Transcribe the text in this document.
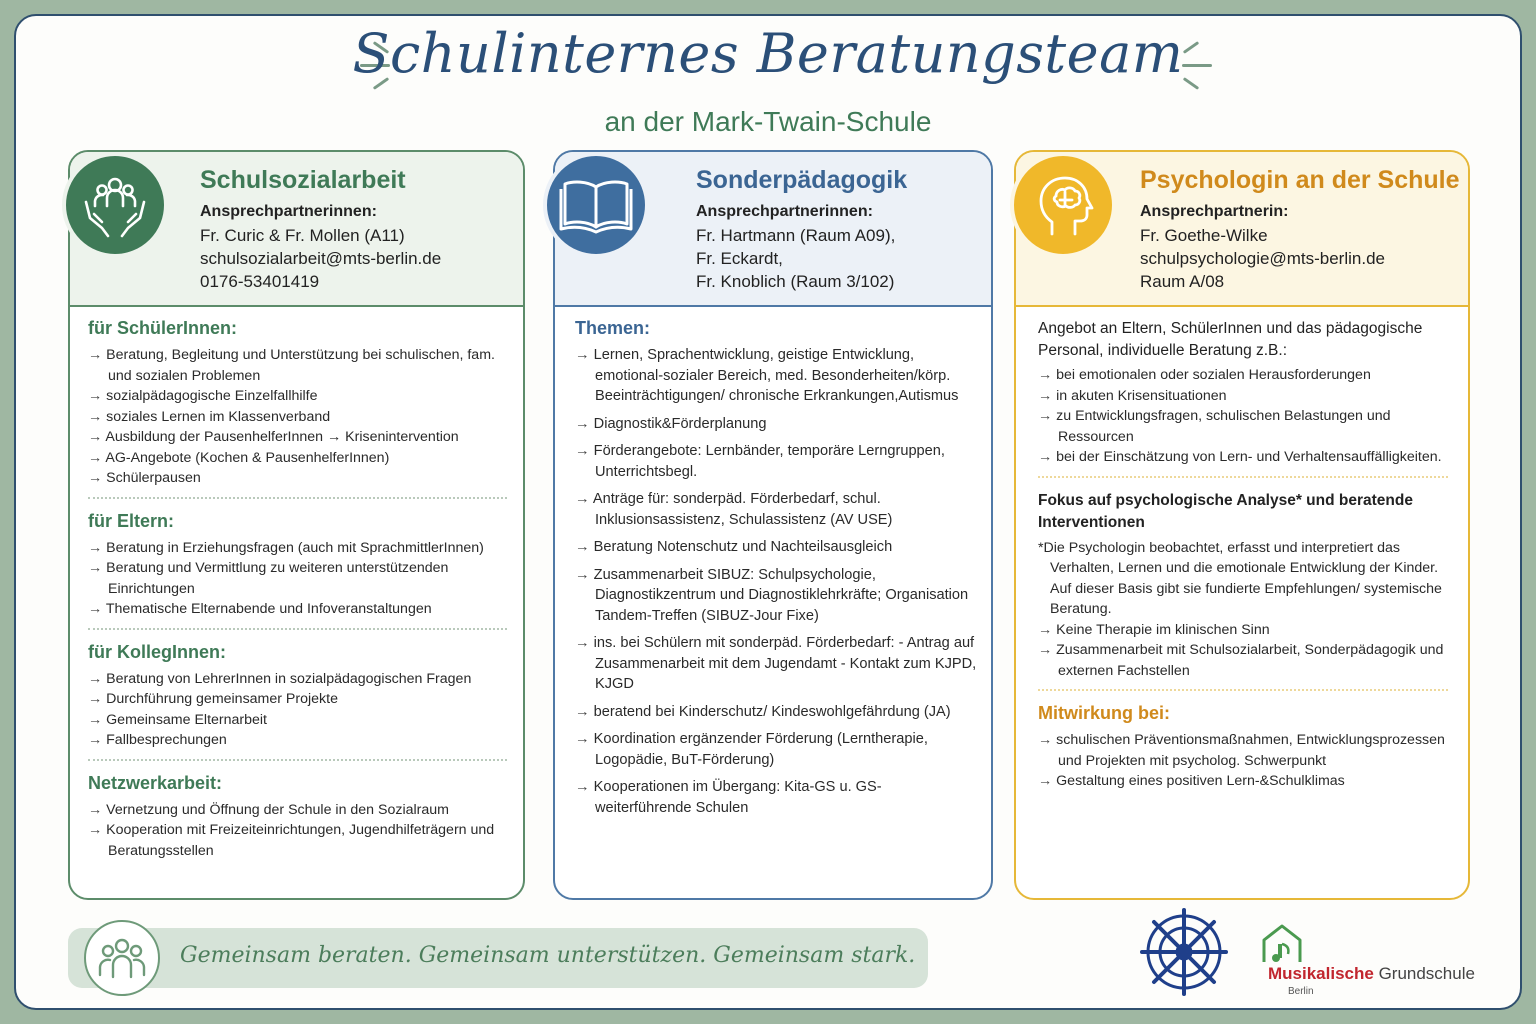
Schulinternes Beratungsteam
an der Mark-Twain-Schule
Schulsozialarbeit
Ansprechpartnerinnen:
Fr. Curic & Fr. Mollen (A11)
schulsozialarbeit@mts-berlin.de
0176-53401419
für SchülerInnen:
→ Beratung, Begleitung und Unterstützung bei schulischen, fam. und sozialen Problemen
→ sozialpädagogische Einzelfallhilfe
→ soziales Lernen im Klassenverband
→ Ausbildung der PausenhelferInnen → Krisenintervention
→ AG-Angebote (Kochen & PausenhelferInnen)
→ Schülerpausen
für Eltern:
→ Beratung in Erziehungsfragen (auch mit SprachmittlerInnen)
→ Beratung und Vermittlung zu weiteren unterstützenden Einrichtungen
→ Thematische Elternabende und Infoveranstaltungen
für KollegInnen:
→ Beratung von LehrerInnen in sozialpädagogischen Fragen
→ Durchführung gemeinsamer Projekte
→ Gemeinsame Elternarbeit
→ Fallbesprechungen
Netzwerkarbeit:
→ Vernetzung und Öffnung der Schule in den Sozialraum
→ Kooperation mit Freizeiteinrichtungen, Jugendhilfeträgern und Beratungsstellen
Sonderpädagogik
Ansprechpartnerinnen:
Fr. Hartmann (Raum A09),
Fr. Eckardt,
Fr. Knoblich (Raum 3/102)
Themen:
→ Lernen, Sprachentwicklung, geistige Entwicklung, emotional-sozialer Bereich, med. Besonderheiten/körp. Beeinträchtigungen/ chronische Erkrankungen,Autismus
→ Diagnostik&Förderplanung
→ Förderangebote: Lernbänder, temporäre Lerngruppen, Unterrichtsbegl.
→ Anträge für: sonderpäd. Förderbedarf, schul. Inklusionsassistenz, Schulassistenz (AV USE)
→ Beratung Notenschutz und Nachteilsausgleich
→ Zusammenarbeit SIBUZ: Schulpsychologie, Diagnostikzentrum und Diagnostiklehrkräfte; Organisation Tandem-Treffen (SIBUZ-Jour Fixe)
→ ins. bei Schülern mit sonderpäd. Förderbedarf: - Antrag auf Zusammenarbeit mit dem Jugendamt - Kontakt zum KJPD, KJGD
→ beratend bei Kinderschutz/ Kindeswohlgefährdung (JA)
→ Koordination ergänzender Förderung (Lerntherapie, Logopädie, BuT-Förderung)
→ Kooperationen im Übergang: Kita-GS u. GS-weiterführende Schulen
Psychologin an der Schule
Ansprechpartnerin:
Fr. Goethe-Wilke
schulpsychologie@mts-berlin.de
Raum A/08
Angebot an Eltern, SchülerInnen und das pädagogische Personal, individuelle Beratung z.B.:
→ bei emotionalen oder sozialen Herausforderungen
→ in akuten Krisensituationen
→ zu Entwicklungsfragen, schulischen Belastungen und Ressourcen
→ bei der Einschätzung von Lern- und Verhaltensauffälligkeiten.
Fokus auf psychologische Analyse* und beratende Interventionen
*Die Psychologin beobachtet, erfasst und interpretiert das Verhalten, Lernen und die emotionale Entwicklung der Kinder. Auf dieser Basis gibt sie fundierte Empfehlungen/ systemische Beratung.
→ Keine Therapie im klinischen Sinn
→ Zusammenarbeit mit Schulsozialarbeit, Sonderpädagogik und externen Fachstellen
Mitwirkung bei:
→ schulischen Präventionsmaßnahmen, Entwicklungsprozessen und Projekten mit psycholog. Schwerpunkt
→ Gestaltung eines positiven Lern-&Schulklimas
Gemeinsam beraten. Gemeinsam unterstützen. Gemeinsam stark.
Musikalische Grundschule
Berlin
